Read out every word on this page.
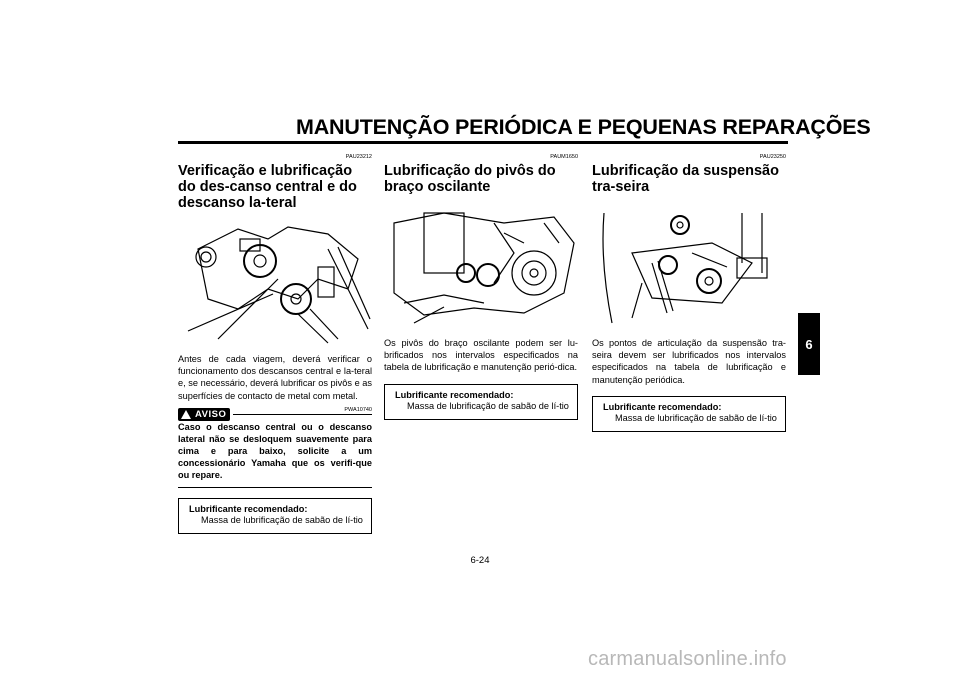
MANUTENÇÃO PERIÓDICA E PEQUENAS REPARAÇÕES
PAU23212
Verificação e lubrificação do des-canso central e do descanso la-teral
Antes de cada viagem, deverá verificar o funcionamento dos descansos central e la-teral e, se necessário, deverá lubrificar os pivôs e as superfícies de contacto de metal com metal.
AVISO	PWA10740
Caso o descanso central ou o descanso lateral não se desloquem suavemente para cima e para baixo, solicite a um concessionário Yamaha que os verifi-que ou repare.
Lubrificante recomendado:
Massa de lubrificação de sabão de lí-tio
PAUM1650
Lubrificação do pivôs do braço oscilante
Os pivôs do braço oscilante podem ser lu-brificados nos intervalos especificados na tabela de lubrificação e manutenção perió-dica.
Lubrificante recomendado:
Massa de lubrificação de sabão de lí-tio
PAU23250
Lubrificação da suspensão tra-seira
Os pontos de articulação da suspensão tra-seira devem ser lubrificados nos intervalos especificados na tabela de lubrificação e manutenção periódica.
Lubrificante recomendado:
Massa de lubrificação de sabão de lí-tio
6
6-24
carmanualsonline.info
